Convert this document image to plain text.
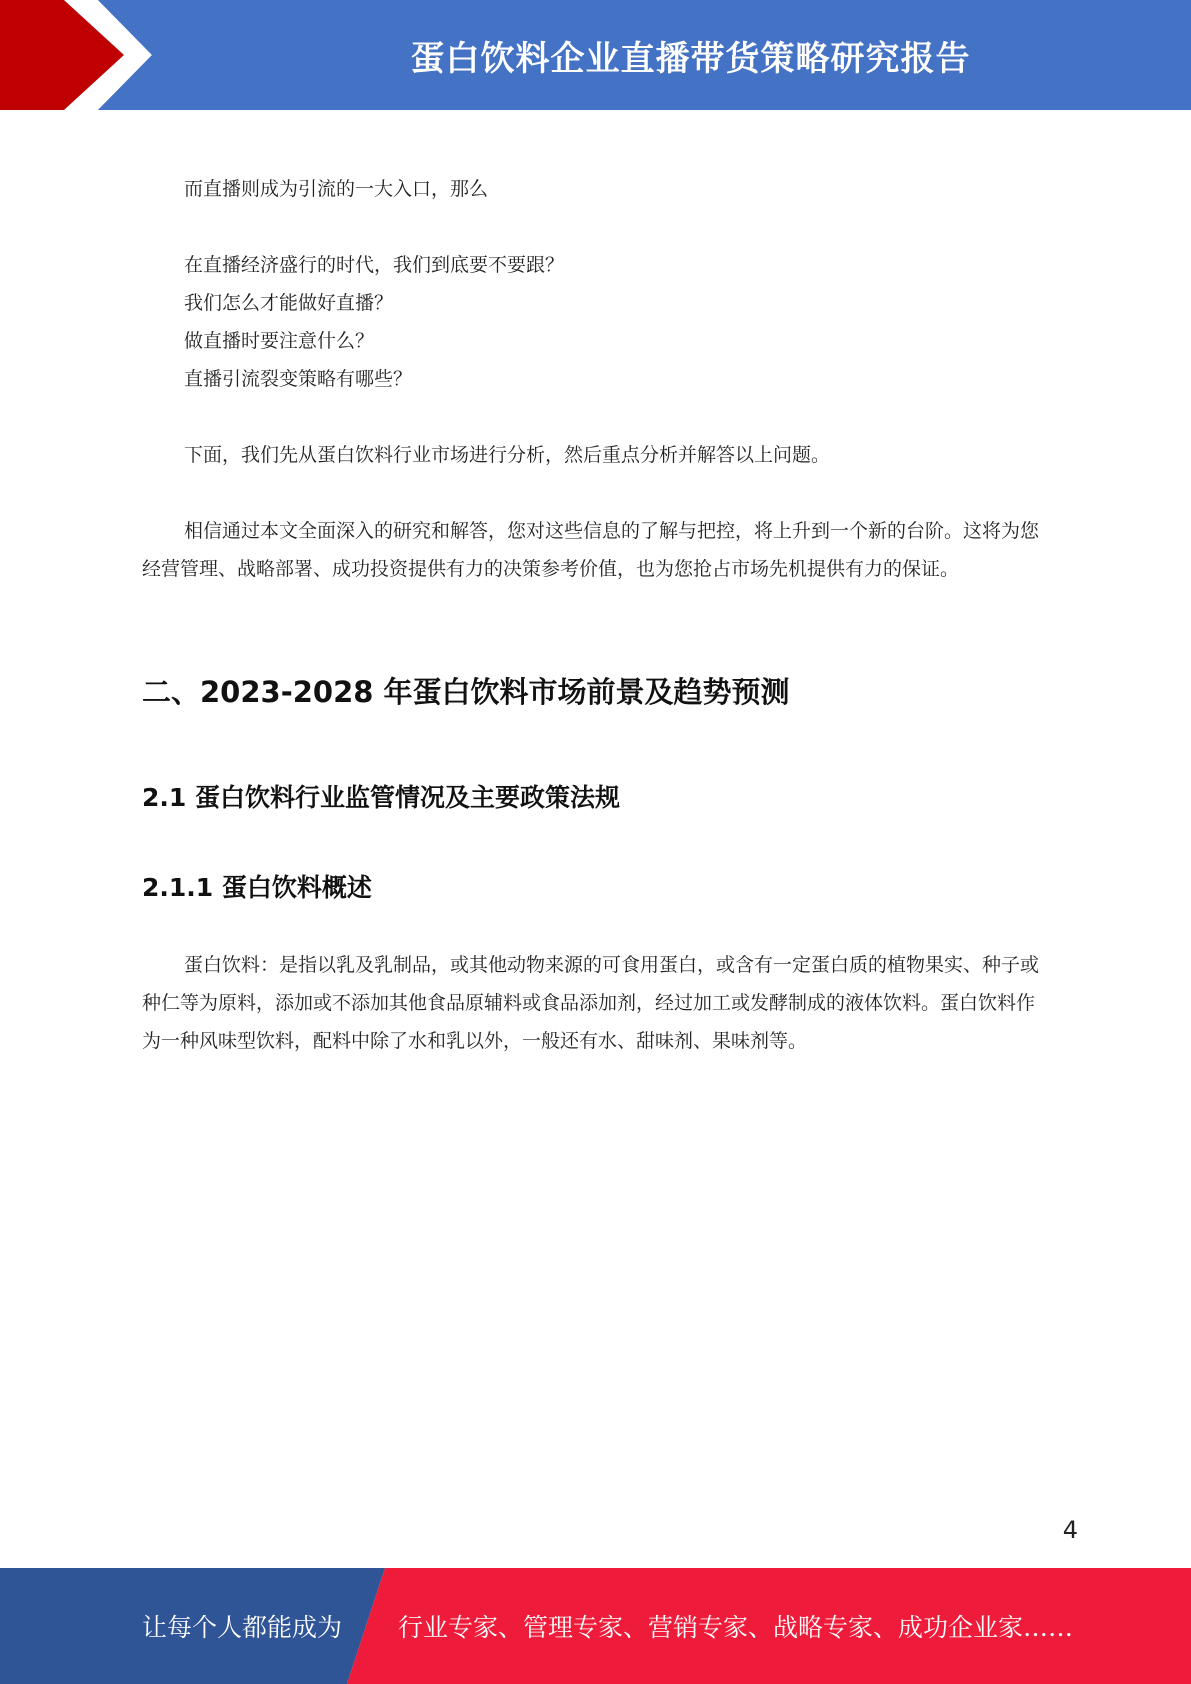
蛋白饮料企业直播带货策略研究报告
而直播则成为引流的一大入口，那么
在直播经济盛行的时代，我们到底要不要跟？
我们怎么才能做好直播？
做直播时要注意什么？
直播引流裂变策略有哪些？
下面，我们先从蛋白饮料行业市场进行分析，然后重点分析并解答以上问题。

相信通过本文全面深入的研究和解答，您对这些信息的了解与把控，将上升到一个新的台阶。这将为您经营管理、战略部署、成功投资提供有力的决策参考价值，也为您抢占市场先机提供有力的保证。

二、2023-2028 年蛋白饮料市场前景及趋势预测
2.1 蛋白饮料行业监管情况及主要政策法规
2.1.1 蛋白饮料概述

蛋白饮料：是指以乳及乳制品，或其他动物来源的可食用蛋白，或含有一定蛋白质的植物果实、种子或种仁等为原料，添加或不添加其他食品原辅料或食品添加剂，经过加工或发酵制成的液体饮料。蛋白饮料作为一种风味型饮料，配料中除了水和乳以外，一般还有水、甜味剂、果味剂等。

4
让每个人都能成为 行业专家、管理专家、营销专家、战略专家、成功企业家……
